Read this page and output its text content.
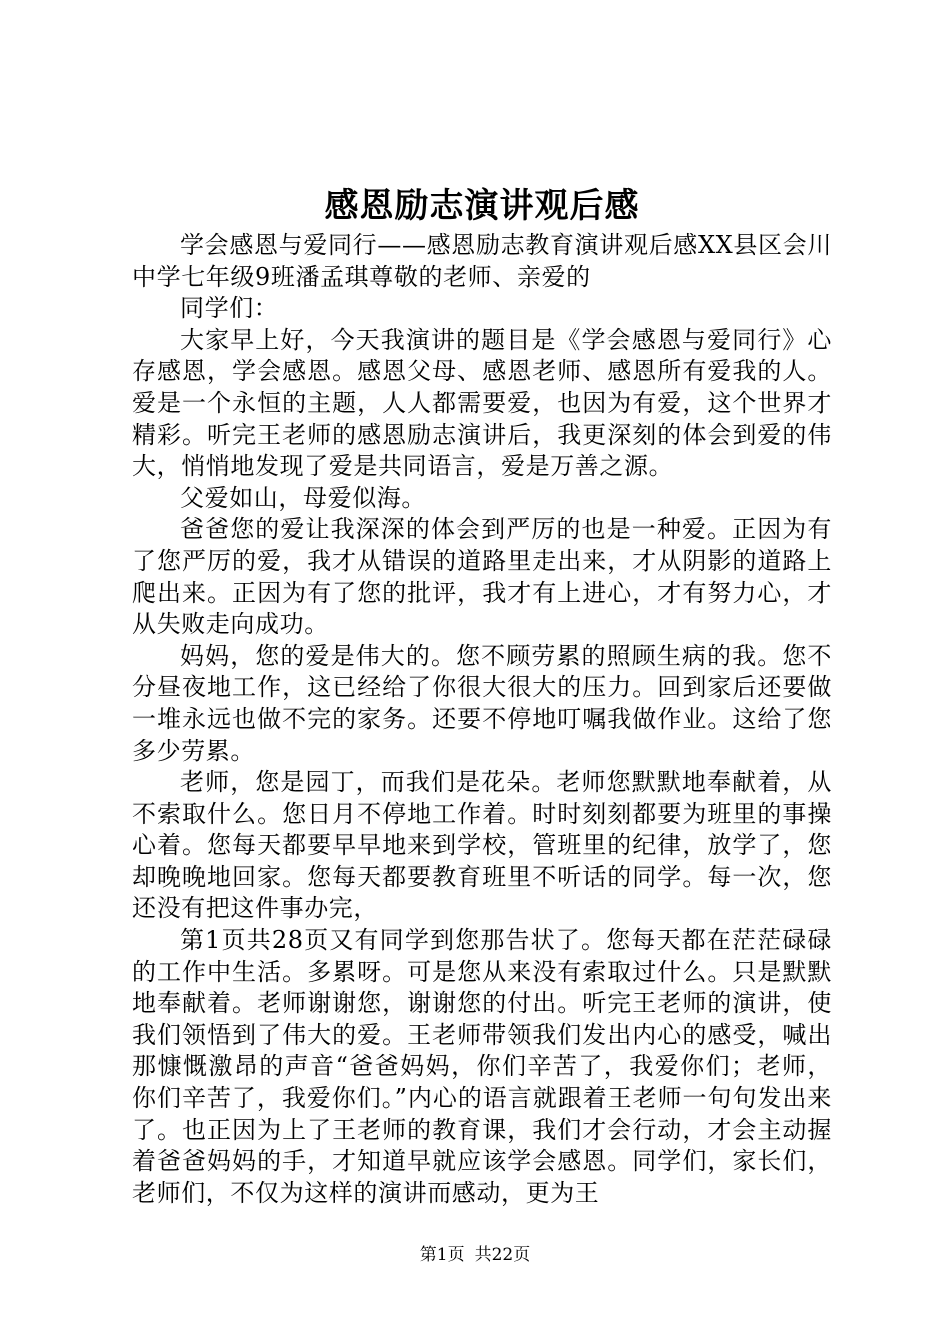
感恩励志演讲观后感

学会感恩与爱同行——感恩励志教育演讲观后感XX县区会川中学七年级9班潘孟琪尊敬的老师、亲爱的

同学们：

大家早上好，今天我演讲的题目是《学会感恩与爱同行》心存感恩，学会感恩。感恩父母、感恩老师、感恩所有爱我的人。爱是一个永恒的主题，人人都需要爱，也因为有爱，这个世界才精彩。听完王老师的感恩励志演讲后，我更深刻的体会到爱的伟大，悄悄地发现了爱是共同语言，爱是万善之源。

父爱如山，母爱似海。

爸爸您的爱让我深深的体会到严厉的也是一种爱。正因为有了您严厉的爱，我才从错误的道路里走出来，才从阴影的道路上爬出来。正因为有了您的批评，我才有上进心，才有努力心，才从失败走向成功。

妈妈，您的爱是伟大的。您不顾劳累的照顾生病的我。您不分昼夜地工作，这已经给了你很大很大的压力。回到家后还要做一堆永远也做不完的家务。还要不停地叮嘱我做作业。这给了您多少劳累。

老师，您是园丁，而我们是花朵。老师您默默地奉献着，从不索取什么。您日月不停地工作着。时时刻刻都要为班里的事操心着。您每天都要早早地来到学校，管班里的纪律，放学了，您却晚晚地回家。您每天都要教育班里不听话的同学。每一次，您还没有把这件事办完，

第1页共28页又有同学到您那告状了。您每天都在茫茫碌碌的工作中生活。多累呀。可是您从来没有索取过什么。只是默默地奉献着。老师谢谢您，谢谢您的付出。听完王老师的演讲，使我们领悟到了伟大的爱。王老师带领我们发出内心的感受，喊出那慷慨激昂的声音“爸爸妈妈，你们辛苦了，我爱你们；老师，你们辛苦了，我爱你们。”内心的语言就跟着王老师一句句发出来了。也正因为上了王老师的教育课，我们才会行动，才会主动握着爸爸妈妈的手，才知道早就应该学会感恩。同学们，家长们，老师们，不仅为这样的演讲而感动，更为王

第1页 共22页
